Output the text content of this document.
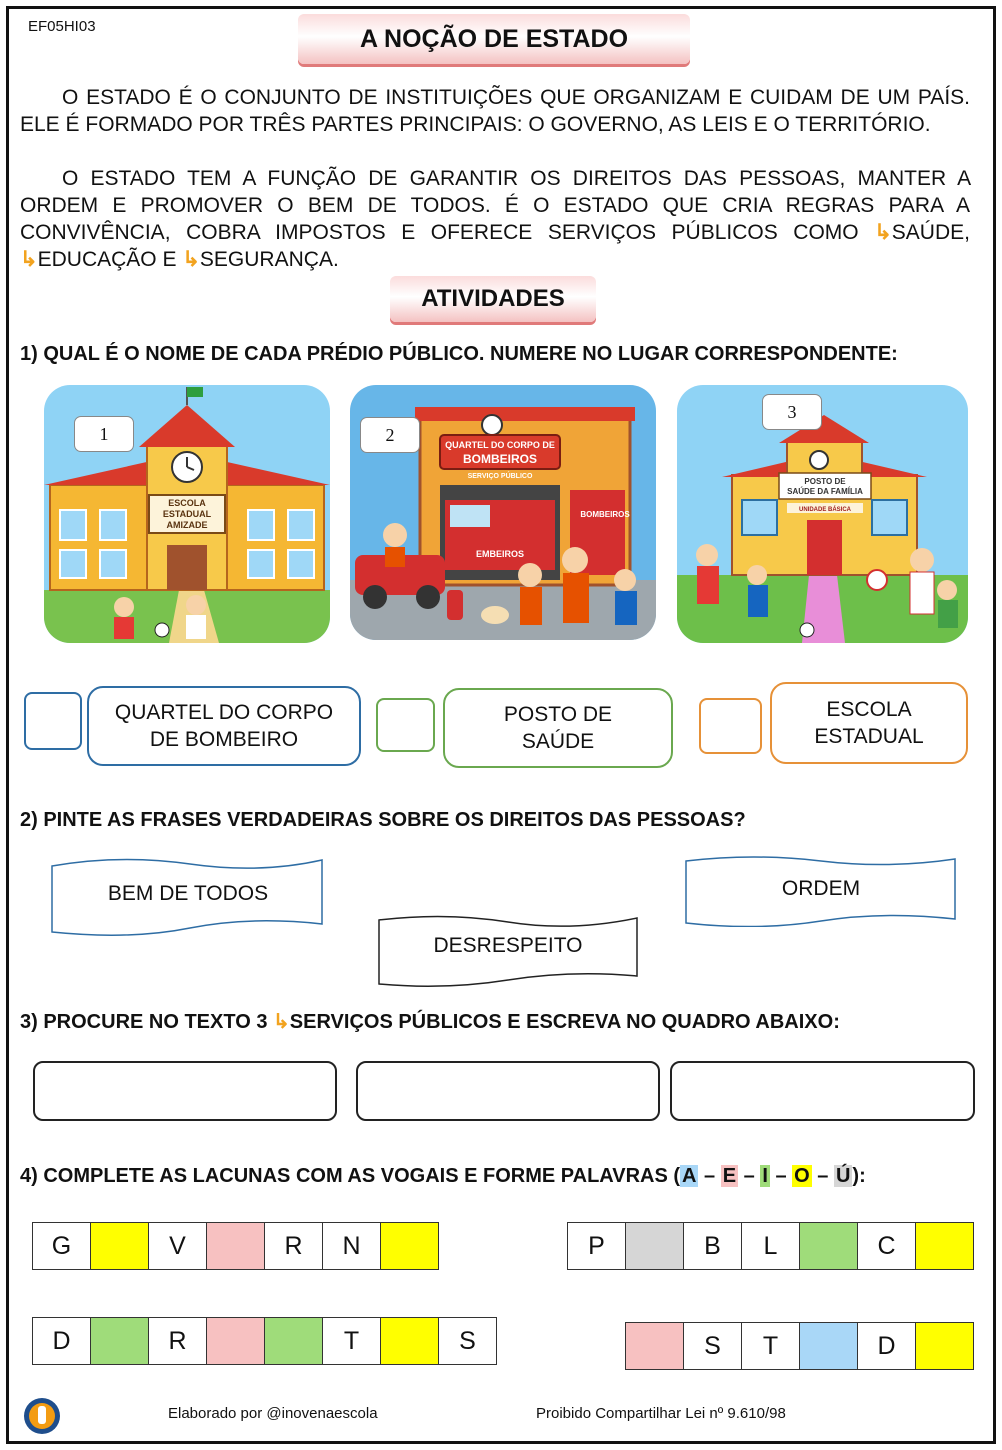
EF05HI03	A NOÇÃO DE ESTADO
O ESTADO É O CONJUNTO DE INSTITUIÇÕES QUE ORGANIZAM E CUIDAM DE UM PAÍS. ELE É FORMADO POR TRÊS PARTES PRINCIPAIS: O GOVERNO, AS LEIS E O TERRITÓRIO.
O ESTADO TEM A FUNÇÃO DE GARANTIR OS DIREITOS DAS PESSOAS, MANTER A ORDEM E PROMOVER O BEM DE TODOS. É O ESTADO QUE CRIA REGRAS PARA A CONVIVÊNCIA, COBRA IMPOSTOS E OFERECE SERVIÇOS PÚBLICOS COMO ↳SAÚDE, ↳EDUCAÇÃO E ↳SEGURANÇA.
ATIVIDADES
1) QUAL É O NOME DE CADA PRÉDIO PÚBLICO. NUMERE NO LUGAR CORRESPONDENTE:
ESCOLA
ESTADUAL
AMIZADE
1
QUARTEL DO CORPO DE
BOMBEIROS
SERVIÇO PÚBLICO
EMBEIROS
BOMBEIROS
2
POSTO DE
SAÚDE DA FAMÍLIA
UNIDADE BÁSICA
3
QUARTEL DO CORPO
DE BOMBEIRO
POSTO DE
SAÚDE
ESCOLA
ESTADUAL
2) PINTE AS FRASES VERDADEIRAS SOBRE OS DIREITOS DAS PESSOAS?
BEM DE TODOS
DESRESPEITO
ORDEM
3) PROCURE NO TEXTO 3 ↳SERVIÇOS PÚBLICOS E ESCREVA NO QUADRO ABAIXO:
4) COMPLETE AS LACUNAS COM AS VOGAIS E FORME PALAVRAS ( A – E – I – O – Ú ):
G	V	R	N	P	B	L	C
D	R	T	S	S	T	D
Elaborado por @inovenaescola	Proibido Compartilhar Lei nº 9.610/98
